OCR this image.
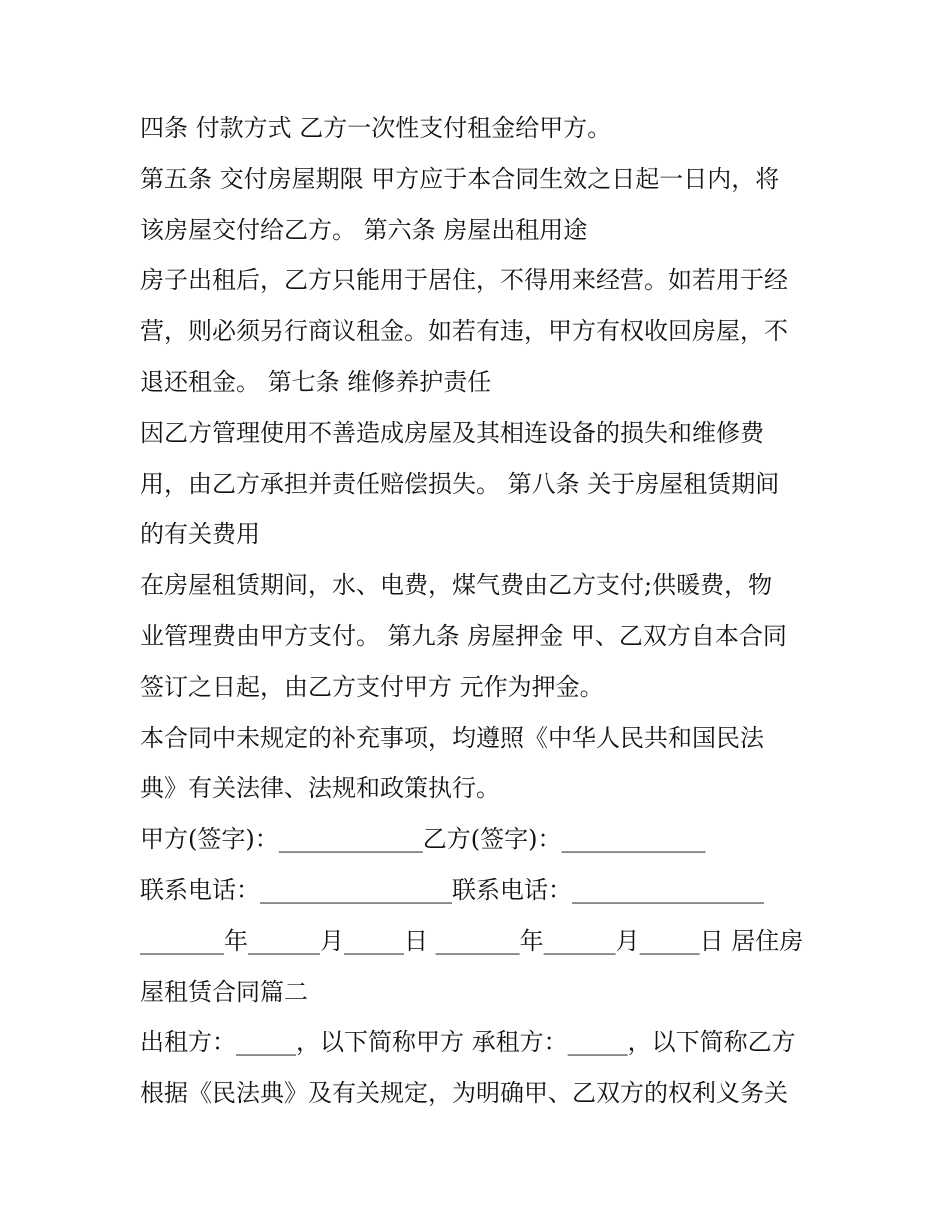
四条 付款方式 乙方一次性支付租金给甲方。
第五条 交付房屋期限 甲方应于本合同生效之日起一日内，将
该房屋交付给乙方。 第六条 房屋出租用途
房子出租后，乙方只能用于居住，不得用来经营。如若用于经
营，则必须另行商议租金。如若有违，甲方有权收回房屋，不
退还租金。 第七条 维修养护责任
因乙方管理使用不善造成房屋及其相连设备的损失和维修费
用，由乙方承担并责任赔偿损失。 第八条 关于房屋租赁期间
的有关费用
在房屋租赁期间，水、电费，煤气费由乙方支付;供暖费，物
业管理费由甲方支付。 第九条 房屋押金 甲、乙双方自本合同
签订之日起，由乙方支付甲方 元作为押金。
本合同中未规定的补充事项，均遵照《中华人民共和国民法
典》有关法律、法规和政策执行。
甲方(签字)：____________乙方(签字)：____________
联系电话：________________联系电话：________________
_______年______月_____日 _______年______月_____日 居住房
屋租赁合同篇二
出租方：_____，以下简称甲方 承租方：_____，以下简称乙方
根据《民法典》及有关规定，为明确甲、乙双方的权利义务关
